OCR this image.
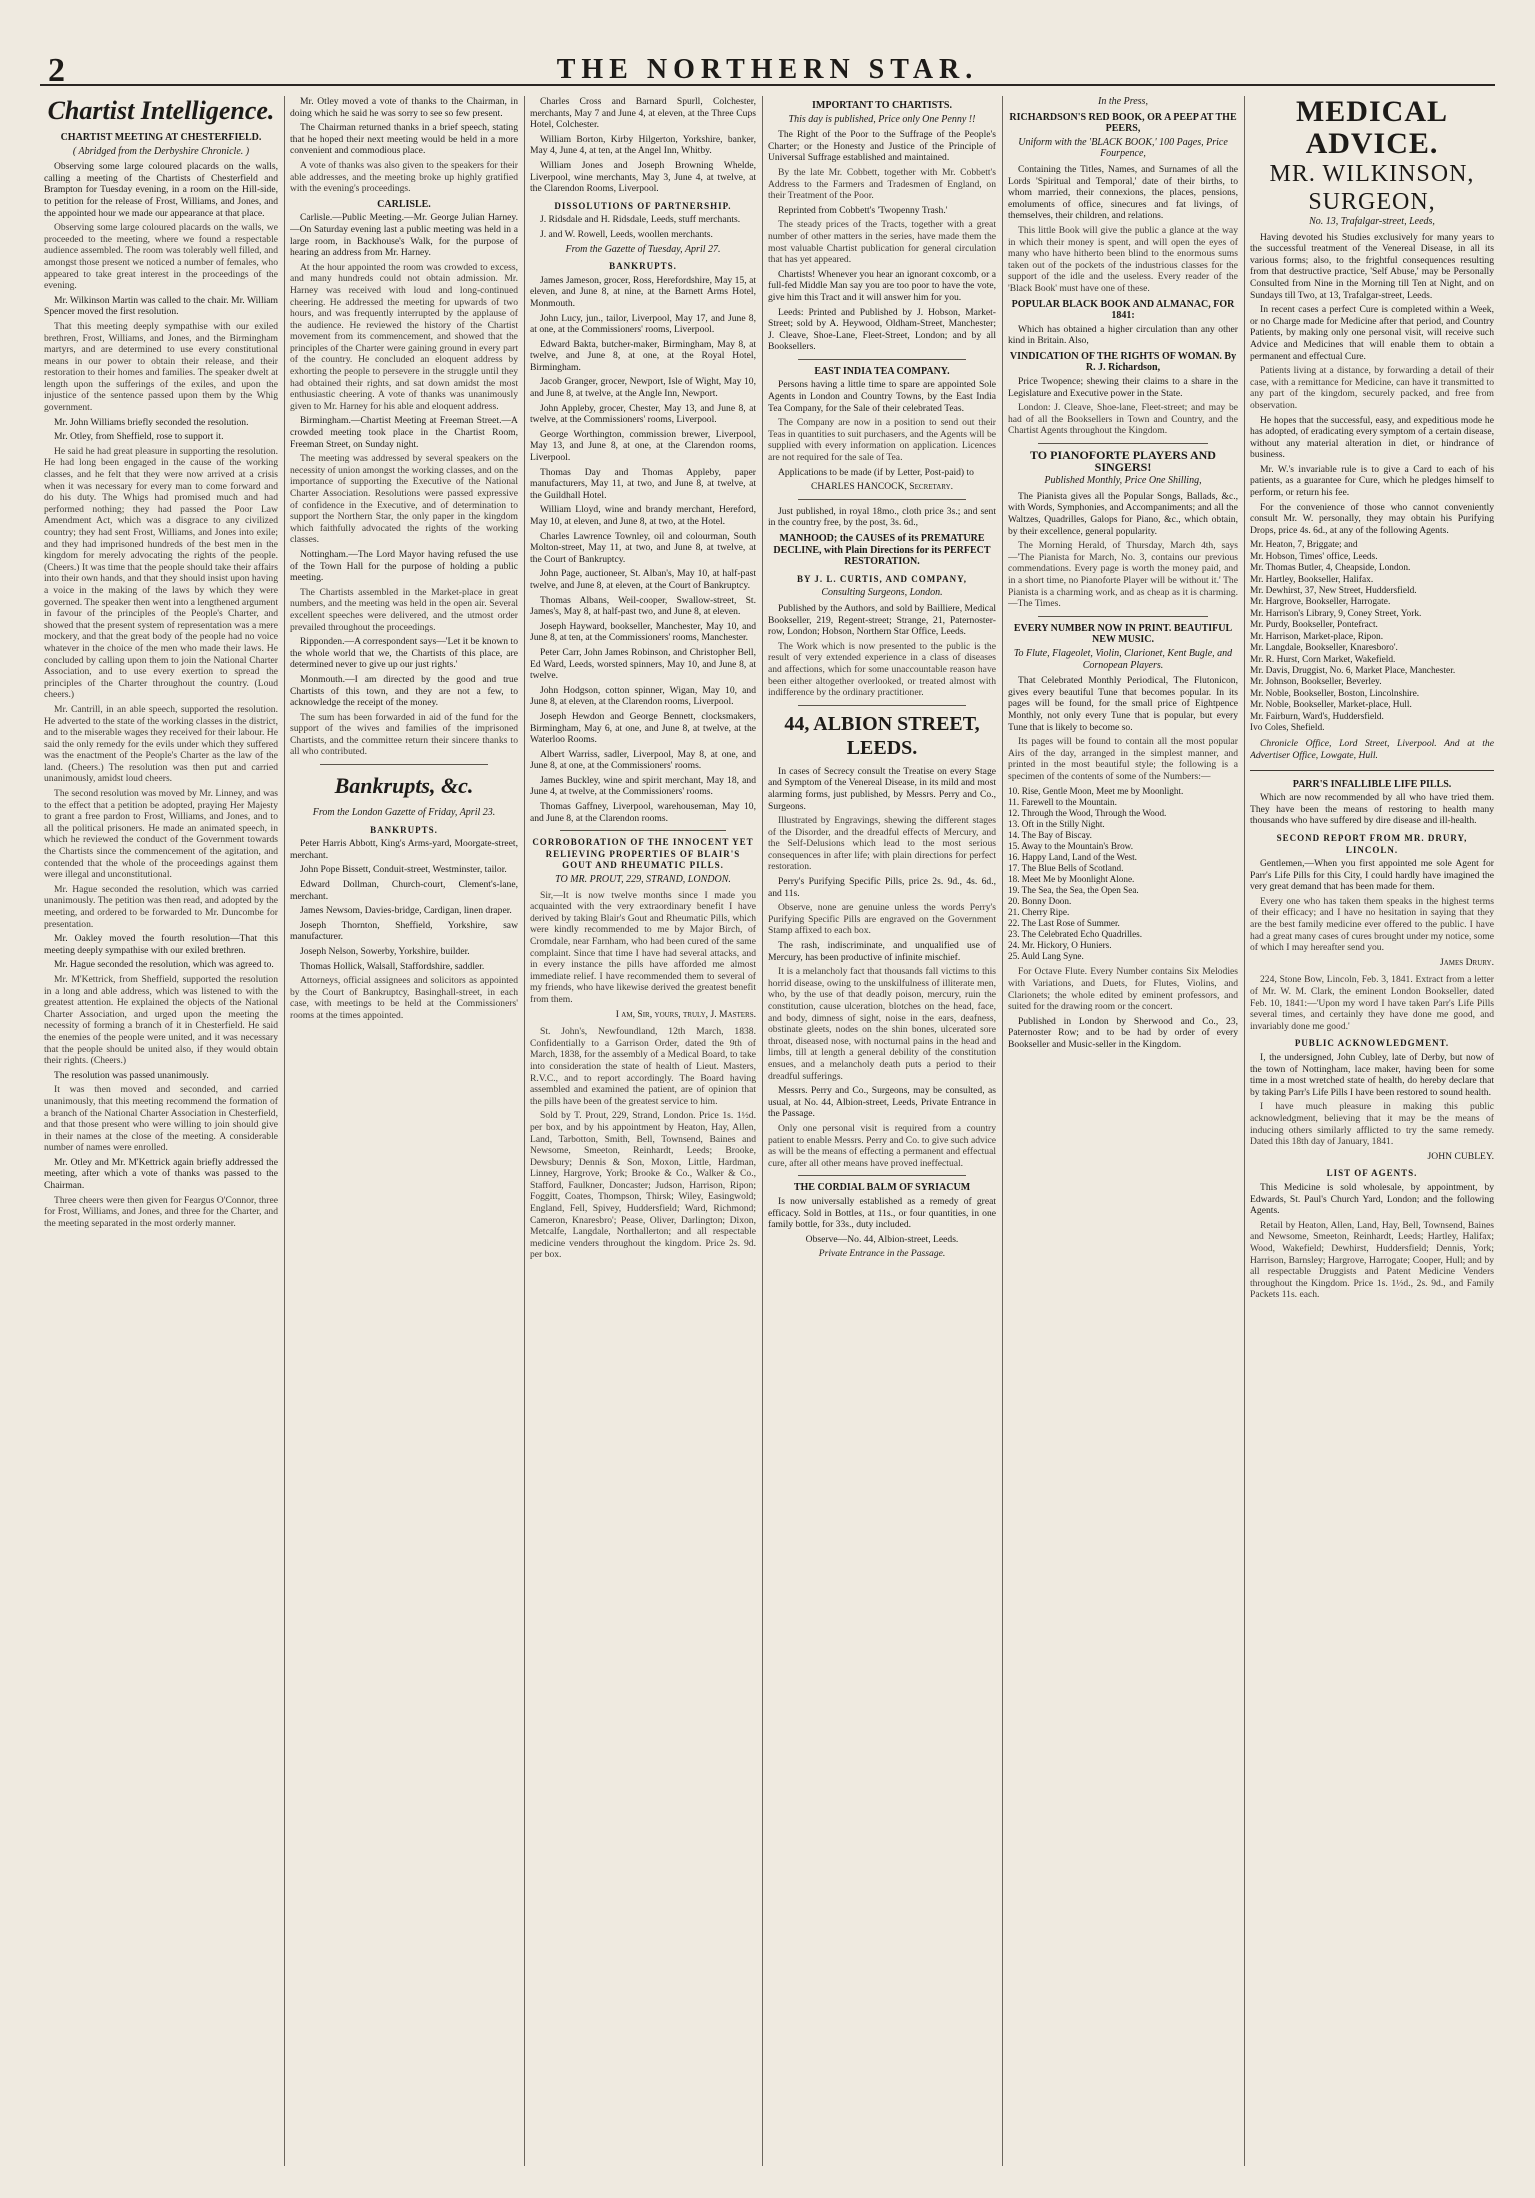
2	THE NORTHERN STAR.
Chartist Intelligence.
CHARTIST MEETING AT CHESTERFIELD.
( Abridged from the Derbyshire Chronicle. )

Observing some large coloured placards on the walls, calling a meeting of the Chartists of Chesterfield and Brampton for Tuesday evening, in a room on the Hill-side, to petition for the release of Frost, Williams, and Jones, and the appointed hour we made our appearance at that place.

Observing some large coloured placards on the walls, we proceeded to the meeting, where we found a respectable audience assembled. The room was tolerably well filled, and amongst those present we noticed a number of females, who appeared to take great interest in the proceedings of the evening.

Mr. Wilkinson Martin was called to the chair. Mr. William Spencer moved the first resolution.

That this meeting deeply sympathise with our exiled brethren, Frost, Williams, and Jones, and the Birmingham martyrs, and are determined to use every constitutional means in our power to obtain their release, and their restoration to their homes and families. The speaker dwelt at length upon the sufferings of the exiles, and upon the injustice of the sentence passed upon them by the Whig government.

Mr. John Williams briefly seconded the resolution.

Mr. Otley, from Sheffield, rose to support it.

He said he had great pleasure in supporting the resolution. He had long been engaged in the cause of the working classes, and he felt that they were now arrived at a crisis when it was necessary for every man to come forward and do his duty. The Whigs had promised much and had performed nothing; they had passed the Poor Law Amendment Act, which was a disgrace to any civilized country; they had sent Frost, Williams, and Jones into exile; and they had imprisoned hundreds of the best men in the kingdom for merely advocating the rights of the people. (Cheers.) It was time that the people should take their affairs into their own hands, and that they should insist upon having a voice in the making of the laws by which they were governed. The speaker then went into a lengthened argument in favour of the principles of the People's Charter, and showed that the present system of representation was a mere mockery, and that the great body of the people had no voice whatever in the choice of the men who made their laws. He concluded by calling upon them to join the National Charter Association, and to use every exertion to spread the principles of the Charter throughout the country. (Loud cheers.)

Mr. Cantrill, in an able speech, supported the resolution. He adverted to the state of the working classes in the district, and to the miserable wages they received for their labour. He said the only remedy for the evils under which they suffered was the enactment of the People's Charter as the law of the land. (Cheers.) The resolution was then put and carried unanimously, amidst loud cheers.

The second resolution was moved by Mr. Linney, and was to the effect that a petition be adopted, praying Her Majesty to grant a free pardon to Frost, Williams, and Jones, and to all the political prisoners. He made an animated speech, in which he reviewed the conduct of the Government towards the Chartists since the commencement of the agitation, and contended that the whole of the proceedings against them were illegal and unconstitutional.

Mr. Hague seconded the resolution, which was carried unanimously. The petition was then read, and adopted by the meeting, and ordered to be forwarded to Mr. Duncombe for presentation.

Mr. Oakley moved the fourth resolution—That this meeting deeply sympathise with our exiled brethren.

Mr. Hague seconded the resolution, which was agreed to.

Mr. M'Kettrick, from Sheffield, supported the resolution in a long and able address, which was listened to with the greatest attention. He explained the objects of the National Charter Association, and urged upon the meeting the necessity of forming a branch of it in Chesterfield. He said the enemies of the people were united, and it was necessary that the people should be united also, if they would obtain their rights. (Cheers.)

The resolution was passed unanimously.

It was then moved and seconded, and carried unanimously, that this meeting recommend the formation of a branch of the National Charter Association in Chesterfield, and that those present who were willing to join should give in their names at the close of the meeting. A considerable number of names were enrolled.

Mr. Otley and Mr. M'Kettrick again briefly addressed the meeting, after which a vote of thanks was passed to the Chairman.

Three cheers were then given for Feargus O'Connor, three for Frost, Williams, and Jones, and three for the Charter, and the meeting separated in the most orderly manner.

Mr. Otley moved a vote of thanks to the Chairman, in doing which he said he was sorry to see so few present.

The Chairman returned thanks in a brief speech, stating that he hoped their next meeting would be held in a more convenient and commodious place.

A vote of thanks was also given to the speakers for their able addresses, and the meeting broke up highly gratified with the evening's proceedings.

CARLISLE.

Carlisle.—Public Meeting.—Mr. George Julian Harney.—On Saturday evening last a public meeting was held in a large room, in Backhouse's Walk, for the purpose of hearing an address from Mr. Harney.

At the hour appointed the room was crowded to excess, and many hundreds could not obtain admission. Mr. Harney was received with loud and long-continued cheering. He addressed the meeting for upwards of two hours, and was frequently interrupted by the applause of the audience. He reviewed the history of the Chartist movement from its commencement, and showed that the principles of the Charter were gaining ground in every part of the country. He concluded an eloquent address by exhorting the people to persevere in the struggle until they had obtained their rights, and sat down amidst the most enthusiastic cheering. A vote of thanks was unanimously given to Mr. Harney for his able and eloquent address.

Birmingham.—Chartist Meeting at Freeman Street.—A crowded meeting took place in the Chartist Room, Freeman Street, on Sunday night.

The meeting was addressed by several speakers on the necessity of union amongst the working classes, and on the importance of supporting the Executive of the National Charter Association. Resolutions were passed expressive of confidence in the Executive, and of determination to support the Northern Star, the only paper in the kingdom which faithfully advocated the rights of the working classes.

Nottingham.—The Lord Mayor having refused the use of the Town Hall for the purpose of holding a public meeting.

The Chartists assembled in the Market-place in great numbers, and the meeting was held in the open air. Several excellent speeches were delivered, and the utmost order prevailed throughout the proceedings.

Ripponden.—A correspondent says—'Let it be known to the whole world that we, the Chartists of this place, are determined never to give up our just rights.'

Monmouth.—I am directed by the good and true Chartists of this town, and they are not a few, to acknowledge the receipt of the money.

The sum has been forwarded in aid of the fund for the support of the wives and families of the imprisoned Chartists, and the committee return their sincere thanks to all who contributed.

Bankrupts, &c.
From the London Gazette of Friday, April 23.
BANKRUPTS.

Peter Harris Abbott, King's Arms-yard, Moorgate-street, merchant.

John Pope Bissett, Conduit-street, Westminster, tailor.

Edward Dollman, Church-court, Clement's-lane, merchant.

James Newsom, Davies-bridge, Cardigan, linen draper.

Joseph Thornton, Sheffield, Yorkshire, saw manufacturer.

Joseph Nelson, Sowerby, Yorkshire, builder.

Thomas Hollick, Walsall, Staffordshire, saddler.

Attorneys, official assignees and solicitors as appointed by the Court of Bankruptcy, Basinghall-street, in each case, with meetings to be held at the Commissioners' rooms at the times appointed.

Charles Cross and Barnard Spurll, Colchester, merchants, May 7 and June 4, at eleven, at the Three Cups Hotel, Colchester.

William Borton, Kirby Hilgerton, Yorkshire, banker, May 4, June 4, at ten, at the Angel Inn, Whitby.

William Jones and Joseph Browning Whelde, Liverpool, wine merchants, May 3, June 4, at twelve, at the Clarendon Rooms, Liverpool.

DISSOLUTIONS OF PARTNERSHIP.

J. Ridsdale and H. Ridsdale, Leeds, stuff merchants.

J. and W. Rowell, Leeds, woollen merchants.

From the Gazette of Tuesday, April 27.
BANKRUPTS.

James Jameson, grocer, Ross, Herefordshire, May 15, at eleven, and June 8, at nine, at the Barnett Arms Hotel, Monmouth.

John Lucy, jun., tailor, Liverpool, May 17, and June 8, at one, at the Commissioners' rooms, Liverpool.

Edward Bakta, butcher-maker, Birmingham, May 8, at twelve, and June 8, at one, at the Royal Hotel, Birmingham.

Jacob Granger, grocer, Newport, Isle of Wight, May 10, and June 8, at twelve, at the Angle Inn, Newport.

John Appleby, grocer, Chester, May 13, and June 8, at twelve, at the Commissioners' rooms, Liverpool.

George Worthington, commission brewer, Liverpool, May 13, and June 8, at one, at the Clarendon rooms, Liverpool.

Thomas Day and Thomas Appleby, paper manufacturers, May 11, at two, and June 8, at twelve, at the Guildhall Hotel.

William Lloyd, wine and brandy merchant, Hereford, May 10, at eleven, and June 8, at two, at the Hotel.

Charles Lawrence Townley, oil and colourman, South Molton-street, May 11, at two, and June 8, at twelve, at the Court of Bankruptcy.

John Page, auctioneer, St. Alban's, May 10, at half-past twelve, and June 8, at eleven, at the Court of Bankruptcy.

Thomas Albans, Weil-cooper, Swallow-street, St. James's, May 8, at half-past two, and June 8, at eleven.

Joseph Hayward, bookseller, Manchester, May 10, and June 8, at ten, at the Commissioners' rooms, Manchester.

Peter Carr, John James Robinson, and Christopher Bell, Ed Ward, Leeds, worsted spinners, May 10, and June 8, at twelve.

John Hodgson, cotton spinner, Wigan, May 10, and June 8, at eleven, at the Clarendon rooms, Liverpool.

Joseph Hewdon and George Bennett, clocksmakers, Birmingham, May 6, at one, and June 8, at twelve, at the Waterloo Rooms.

Albert Warriss, sadler, Liverpool, May 8, at one, and June 8, at one, at the Commissioners' rooms.

James Buckley, wine and spirit merchant, May 18, and June 4, at twelve, at the Commissioners' rooms.

Thomas Gaffney, Liverpool, warehouseman, May 10, and June 8, at the Clarendon rooms.

CORROBORATION OF THE INNOCENT YET RELIEVING PROPERTIES OF BLAIR'S GOUT AND RHEUMATIC PILLS.
TO MR. PROUT, 229, STRAND, LONDON.

Sir,—It is now twelve months since I made you acquainted with the very extraordinary benefit I have derived by taking Blair's Gout and Rheumatic Pills, which were kindly recommended to me by Major Birch, of Cromdale, near Farnham, who had been cured of the same complaint. Since that time I have had several attacks, and in every instance the pills have afforded me almost immediate relief. I have recommended them to several of my friends, who have likewise derived the greatest benefit from them.

I am, Sir, yours, truly, J. Masters.

St. John's, Newfoundland, 12th March, 1838. Confidentially to a Garrison Order, dated the 9th of March, 1838, for the assembly of a Medical Board, to take into consideration the state of health of Lieut. Masters, R.V.C., and to report accordingly. The Board having assembled and examined the patient, are of opinion that the pills have been of the greatest service to him.

Sold by T. Prout, 229, Strand, London. Price 1s. 1½d. per box, and by his appointment by Heaton, Hay, Allen, Land, Tarbotton, Smith, Bell, Townsend, Baines and Newsome, Smeeton, Reinhardt, Leeds; Brooke, Dewsbury; Dennis & Son, Moxon, Little, Hardman, Linney, Hargrove, York; Brooke & Co., Walker & Co., Stafford, Faulkner, Doncaster; Judson, Harrison, Ripon; Foggitt, Coates, Thompson, Thirsk; Wiley, Easingwold; England, Fell, Spivey, Huddersfield; Ward, Richmond; Cameron, Knaresbro'; Pease, Oliver, Darlington; Dixon, Metcalfe, Langdale, Northallerton; and all respectable medicine venders throughout the kingdom. Price 2s. 9d. per box.

IMPORTANT TO CHARTISTS.
This day is published, Price only One Penny !!

The Right of the Poor to the Suffrage of the People's Charter; or the Honesty and Justice of the Principle of Universal Suffrage established and maintained.

By the late Mr. Cobbett, together with Mr. Cobbett's Address to the Farmers and Tradesmen of England, on their Treatment of the Poor.

Reprinted from Cobbett's 'Twopenny Trash.'

The steady prices of the Tracts, together with a great number of other matters in the series, have made them the most valuable Chartist publication for general circulation that has yet appeared.

Chartists! Whenever you hear an ignorant coxcomb, or a full-fed Middle Man say you are too poor to have the vote, give him this Tract and it will answer him for you.

Leeds: Printed and Published by J. Hobson, Market-Street; sold by A. Heywood, Oldham-Street, Manchester; J. Cleave, Shoe-Lane, Fleet-Street, London; and by all Booksellers.

EAST INDIA TEA COMPANY.

Persons having a little time to spare are appointed Sole Agents in London and Country Towns, by the East India Tea Company, for the Sale of their celebrated Teas.

The Company are now in a position to send out their Teas in quantities to suit purchasers, and the Agents will be supplied with every information on application. Licences are not required for the sale of Tea.

Applications to be made (if by Letter, Post-paid) to

CHARLES HANCOCK, Secretary.

Just published, in royal 18mo., cloth price 3s.; and sent in the country free, by the post, 3s. 6d.,

MANHOOD; the CAUSES of its PREMATURE DECLINE, with Plain Directions for its PERFECT RESTORATION.
BY J. L. CURTIS, AND COMPANY,
Consulting Surgeons, London.

Published by the Authors, and sold by Bailliere, Medical Bookseller, 219, Regent-street; Strange, 21, Paternoster-row, London; Hobson, Northern Star Office, Leeds.

The Work which is now presented to the public is the result of very extended experience in a class of diseases and affections, which for some unaccountable reason have been either altogether overlooked, or treated almost with indifference by the ordinary practitioner.

44, ALBION STREET, LEEDS.

In cases of Secrecy consult the Treatise on every Stage and Symptom of the Venereal Disease, in its mild and most alarming forms, just published, by Messrs. Perry and Co., Surgeons.

Illustrated by Engravings, shewing the different stages of the Disorder, and the dreadful effects of Mercury, and the Self-Delusions which lead to the most serious consequences in after life; with plain directions for perfect restoration.

Perry's Purifying Specific Pills, price 2s. 9d., 4s. 6d., and 11s.

Observe, none are genuine unless the words Perry's Purifying Specific Pills are engraved on the Government Stamp affixed to each box.

The rash, indiscriminate, and unqualified use of Mercury, has been productive of infinite mischief.

It is a melancholy fact that thousands fall victims to this horrid disease, owing to the unskilfulness of illiterate men, who, by the use of that deadly poison, mercury, ruin the constitution, cause ulceration, blotches on the head, face, and body, dimness of sight, noise in the ears, deafness, obstinate gleets, nodes on the shin bones, ulcerated sore throat, diseased nose, with nocturnal pains in the head and limbs, till at length a general debility of the constitution ensues, and a melancholy death puts a period to their dreadful sufferings.

Messrs. Perry and Co., Surgeons, may be consulted, as usual, at No. 44, Albion-street, Leeds, Private Entrance in the Passage.

Only one personal visit is required from a country patient to enable Messrs. Perry and Co. to give such advice as will be the means of effecting a permanent and effectual cure, after all other means have proved ineffectual.

THE CORDIAL BALM OF SYRIACUM

Is now universally established as a remedy of great efficacy. Sold in Bottles, at 11s., or four quantities, in one family bottle, for 33s., duty included.

Observe—No. 44, Albion-street, Leeds.

Private Entrance in the Passage.

In the Press,
RICHARDSON'S RED BOOK, OR A PEEP AT THE PEERS,
Uniform with the 'BLACK BOOK,' 100 Pages, Price Fourpence,

Containing the Titles, Names, and Surnames of all the Lords 'Spiritual and Temporal,' date of their births, to whom married, their connexions, the places, pensions, emoluments of office, sinecures and fat livings, of themselves, their children, and relations.

This little Book will give the public a glance at the way in which their money is spent, and will open the eyes of many who have hitherto been blind to the enormous sums taken out of the pockets of the industrious classes for the support of the idle and the useless. Every reader of the 'Black Book' must have one of these.

POPULAR BLACK BOOK AND ALMANAC, FOR 1841:

Which has obtained a higher circulation than any other kind in Britain. Also,

VINDICATION OF THE RIGHTS OF WOMAN. By R. J. Richardson,

Price Twopence; shewing their claims to a share in the Legislature and Executive power in the State.

London: J. Cleave, Shoe-lane, Fleet-street; and may be had of all the Booksellers in Town and Country, and the Chartist Agents throughout the Kingdom.

TO PIANOFORTE PLAYERS AND SINGERS!
Published Monthly, Price One Shilling,

The Pianista gives all the Popular Songs, Ballads, &c., with Words, Symphonies, and Accompaniments; and all the Waltzes, Quadrilles, Galops for Piano, &c., which obtain, by their excellence, general popularity.

The Morning Herald, of Thursday, March 4th, says—'The Pianista for March, No. 3, contains our previous commendations. Every page is worth the money paid, and in a short time, no Pianoforte Player will be without it.' The Pianista is a charming work, and as cheap as it is charming.—The Times.

EVERY NUMBER NOW IN PRINT. BEAUTIFUL NEW MUSIC.
To Flute, Flageolet, Violin, Clarionet, Kent Bugle, and Cornopean Players.

That Celebrated Monthly Periodical, The Flutonicon, gives every beautiful Tune that becomes popular. In its pages will be found, for the small price of Eightpence Monthly, not only every Tune that is popular, but every Tune that is likely to become so.

Its pages will be found to contain all the most popular Airs of the day, arranged in the simplest manner, and printed in the most beautiful style; the following is a specimen of the contents of some of the Numbers:—

10. Rise, Gentle Moon, Meet me by Moonlight.
11. Farewell to the Mountain.
12. Through the Wood, Through the Wood.
13. Oft in the Stilly Night.
14. The Bay of Biscay.
15. Away to the Mountain's Brow.
16. Happy Land, Land of the West.
17. The Blue Bells of Scotland.
18. Meet Me by Moonlight Alone.
19. The Sea, the Sea, the Open Sea.
20. Bonny Doon.
21. Cherry Ripe.
22. The Last Rose of Summer.
23. The Celebrated Echo Quadrilles.
24. Mr. Hickory, O Huniers.
25. Auld Lang Syne.

For Octave Flute. Every Number contains Six Melodies with Variations, and Duets, for Flutes, Violins, and Clarionets; the whole edited by eminent professors, and suited for the drawing room or the concert.

Published in London by Sherwood and Co., 23, Paternoster Row; and to be had by order of every Bookseller and Music-seller in the Kingdom.

MEDICAL ADVICE.
MR. WILKINSON, SURGEON,
No. 13, Trafalgar-street, Leeds,

Having devoted his Studies exclusively for many years to the successful treatment of the Venereal Disease, in all its various forms; also, to the frightful consequences resulting from that destructive practice, 'Self Abuse,' may be Personally Consulted from Nine in the Morning till Ten at Night, and on Sundays till Two, at 13, Trafalgar-street, Leeds.

In recent cases a perfect Cure is completed within a Week, or no Charge made for Medicine after that period, and Country Patients, by making only one personal visit, will receive such Advice and Medicines that will enable them to obtain a permanent and effectual Cure.

Patients living at a distance, by forwarding a detail of their case, with a remittance for Medicine, can have it transmitted to any part of the kingdom, securely packed, and free from observation.

He hopes that the successful, easy, and expeditious mode he has adopted, of eradicating every symptom of a certain disease, without any material alteration in diet, or hindrance of business.

Mr. W.'s invariable rule is to give a Card to each of his patients, as a guarantee for Cure, which he pledges himself to perform, or return his fee.

For the convenience of those who cannot conveniently consult Mr. W. personally, they may obtain his Purifying Drops, price 4s. 6d., at any of the following Agents.

Mr. Heaton, 7, Briggate; and
Mr. Hobson, Times' office, Leeds.
Mr. Thomas Butler, 4, Cheapside, London.
Mr. Hartley, Bookseller, Halifax.
Mr. Dewhirst, 37, New Street, Huddersfield.
Mr. Hargrove, Bookseller, Harrogate.
Mr. Harrison's Library, 9, Coney Street, York.
Mr. Purdy, Bookseller, Pontefract.
Mr. Harrison, Market-place, Ripon.
Mr. Langdale, Bookseller, Knaresboro'.
Mr. R. Hurst, Corn Market, Wakefield.
Mr. Davis, Druggist, No. 6, Market Place, Manchester.
Mr. Johnson, Bookseller, Beverley.
Mr. Noble, Bookseller, Boston, Lincolnshire.
Mr. Noble, Bookseller, Market-place, Hull.
Mr. Fairburn, Ward's, Huddersfield.
Ivo Coles, Shefield.

Chronicle Office, Lord Street, Liverpool. And at the Advertiser Office, Lowgate, Hull.

PARR'S INFALLIBLE LIFE PILLS.

Which are now recommended by all who have tried them. They have been the means of restoring to health many thousands who have suffered by dire disease and ill-health.

SECOND REPORT FROM MR. DRURY, LINCOLN.

Gentlemen,—When you first appointed me sole Agent for Parr's Life Pills for this City, I could hardly have imagined the very great demand that has been made for them.

Every one who has taken them speaks in the highest terms of their efficacy; and I have no hesitation in saying that they are the best family medicine ever offered to the public. I have had a great many cases of cures brought under my notice, some of which I may hereafter send you.

James Drury.

224, Stone Bow, Lincoln, Feb. 3, 1841. Extract from a letter of Mr. W. M. Clark, the eminent London Bookseller, dated Feb. 10, 1841:—'Upon my word I have taken Parr's Life Pills several times, and certainly they have done me good, and invariably done me good.'

PUBLIC ACKNOWLEDGMENT.

I, the undersigned, John Cubley, late of Derby, but now of the town of Nottingham, lace maker, having been for some time in a most wretched state of health, do hereby declare that by taking Parr's Life Pills I have been restored to sound health.

I have much pleasure in making this public acknowledgment, believing that it may be the means of inducing others similarly afflicted to try the same remedy. Dated this 18th day of January, 1841.

JOHN CUBLEY.
LIST OF AGENTS.

This Medicine is sold wholesale, by appointment, by Edwards, St. Paul's Church Yard, London; and the following Agents.

Retail by Heaton, Allen, Land, Hay, Bell, Townsend, Baines and Newsome, Smeeton, Reinhardt, Leeds; Hartley, Halifax; Wood, Wakefield; Dewhirst, Huddersfield; Dennis, York; Harrison, Barnsley; Hargrove, Harrogate; Cooper, Hull; and by all respectable Druggists and Patent Medicine Venders throughout the Kingdom. Price 1s. 1½d., 2s. 9d., and Family Packets 11s. each.
